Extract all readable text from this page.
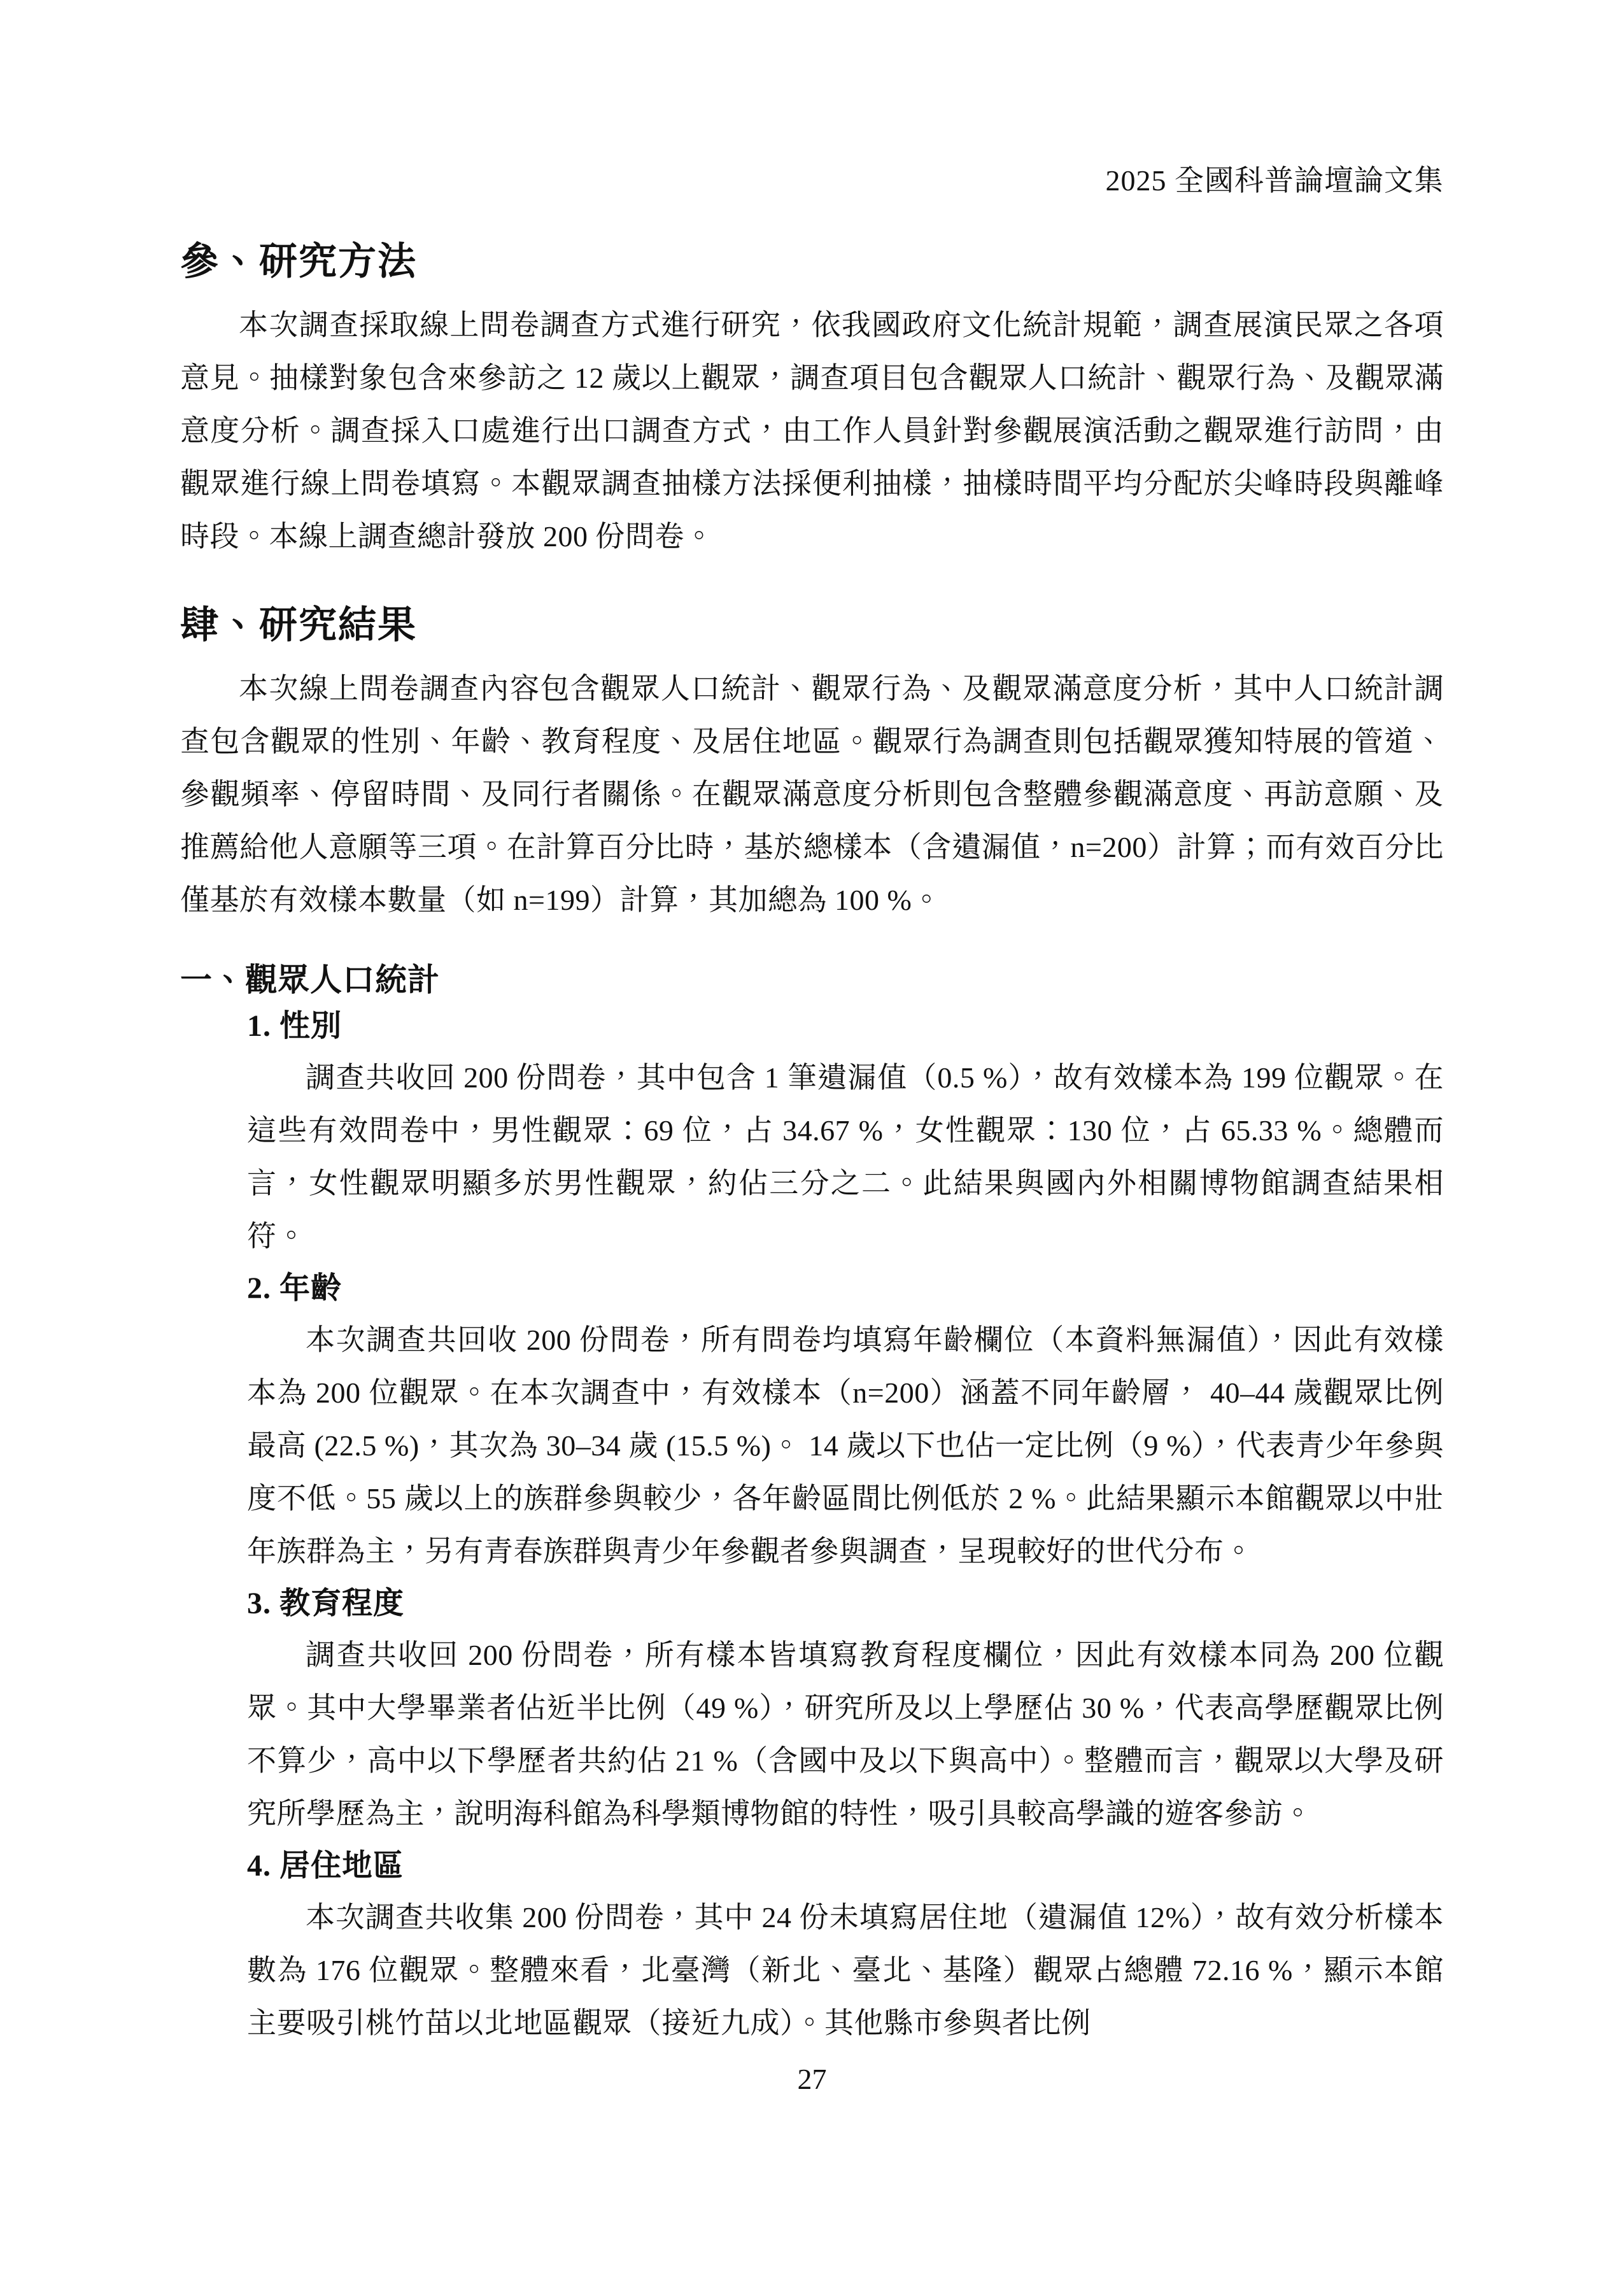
2025 全國科普論壇論文集
參、研究方法

本次調查採取線上問卷調查方式進行研究，依我國政府文化統計規範，調查展演民眾之各項意見。抽樣對象包含來參訪之 12 歲以上觀眾，調查項目包含觀眾人口統計、觀眾行為、及觀眾滿意度分析。調查採入口處進行出口調查方式，由工作人員針對參觀展演活動之觀眾進行訪問，由觀眾進行線上問卷填寫。本觀眾調查抽樣方法採便利抽樣，抽樣時間平均分配於尖峰時段與離峰時段。本線上調查總計發放 200 份問卷。

肆、研究結果

本次線上問卷調查內容包含觀眾人口統計、觀眾行為、及觀眾滿意度分析，其中人口統計調查包含觀眾的性別、年齡、教育程度、及居住地區。觀眾行為調查則包括觀眾獲知特展的管道、參觀頻率、停留時間、及同行者關係。在觀眾滿意度分析則包含整體參觀滿意度、再訪意願、及推薦給他人意願等三項。在計算百分比時，基於總樣本（含遺漏值，n=200）計算；而有效百分比僅基於有效樣本數量（如 n=199）計算，其加總為 100 %。

一、觀眾人口統計
1. 性別

調查共收回 200 份問卷，其中包含 1 筆遺漏值（0.5 %），故有效樣本為 199 位觀眾。在這些有效問卷中，男性觀眾：69 位，占 34.67 %，女性觀眾：130 位，占 65.33 %。總體而言，女性觀眾明顯多於男性觀眾，約佔三分之二。此結果與國內外相關博物館調查結果相符。

2. 年齡

本次調查共回收 200 份問卷，所有問卷均填寫年齡欄位（本資料無漏值），因此有效樣本為 200 位觀眾。在本次調查中，有效樣本（n=200）涵蓋不同年齡層， 40–44 歲觀眾比例最高 (22.5 %)，其次為 30–34 歲 (15.5 %)。 14 歲以下也佔一定比例（9 %），代表青少年參與度不低。55 歲以上的族群參與較少，各年齡區間比例低於 2 %。此結果顯示本館觀眾以中壯年族群為主，另有青春族群與青少年參觀者參與調查，呈現較好的世代分布。

3. 教育程度

調查共收回 200 份問卷，所有樣本皆填寫教育程度欄位，因此有效樣本同為 200 位觀眾。其中大學畢業者佔近半比例（49 %），研究所及以上學歷佔 30 %，代表高學歷觀眾比例不算少，高中以下學歷者共約佔 21 %（含國中及以下與高中）。整體而言，觀眾以大學及研究所學歷為主，說明海科館為科學類博物館的特性，吸引具較高學識的遊客參訪。

4. 居住地區

本次調查共收集 200 份問卷，其中 24 份未填寫居住地（遺漏值 12%），故有效分析樣本數為 176 位觀眾。整體來看，北臺灣（新北、臺北、基隆）觀眾占總體 72.16 %，顯示本館主要吸引桃竹苗以北地區觀眾（接近九成）。其他縣市參與者比例

27
